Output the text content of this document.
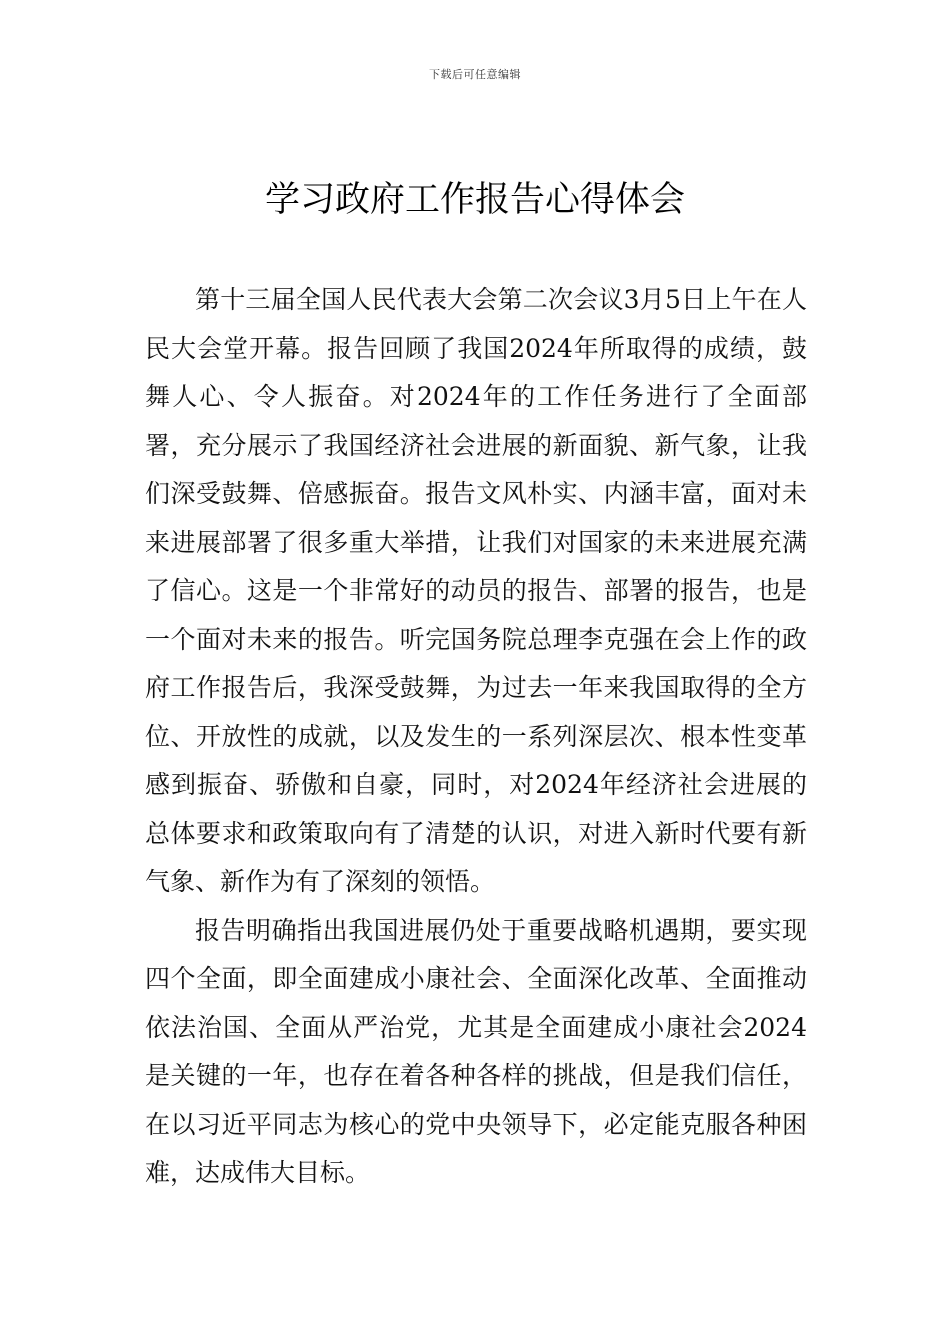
下载后可任意编辑
学习政府工作报告心得体会

第十三届全国人民代表大会第二次会议3月5日上午在人民大会堂开幕。报告回顾了我国2024年所取得的成绩，鼓舞人心、令人振奋。对2024年的工作任务进行了全面部署，充分展示了我国经济社会进展的新面貌、新气象，让我们深受鼓舞、倍感振奋。报告文风朴实、内涵丰富，面对未来进展部署了很多重大举措，让我们对国家的未来进展充满了信心。这是一个非常好的动员的报告、部署的报告，也是一个面对未来的报告。听完国务院总理李克强在会上作的政府工作报告后，我深受鼓舞，为过去一年来我国取得的全方位、开放性的成就，以及发生的一系列深层次、根本性变革感到振奋、骄傲和自豪，同时，对2024年经济社会进展的总体要求和政策取向有了清楚的认识，对进入新时代要有新气象、新作为有了深刻的领悟。

报告明确指出我国进展仍处于重要战略机遇期，要实现四个全面，即全面建成小康社会、全面深化改革、全面推动依法治国、全面从严治党，尤其是全面建成小康社会2024是关键的一年，也存在着各种各样的挑战，但是我们信任，在以习近平同志为核心的党中央领导下，必定能克服各种困难，达成伟大目标。
